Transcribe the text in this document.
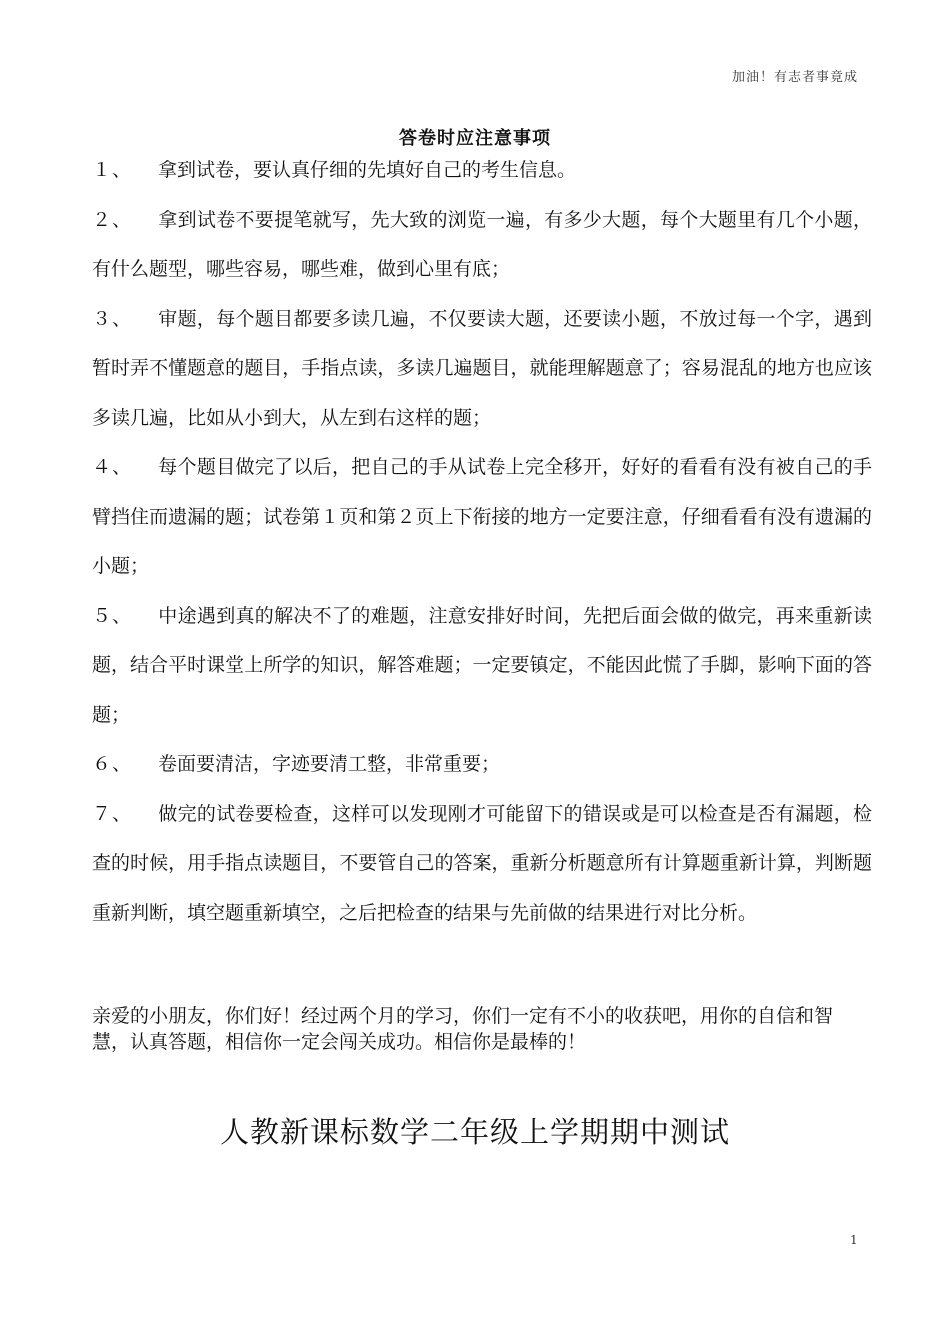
加油！有志者事竟成
答卷时应注意事项

１、 拿到试卷，要认真仔细的先填好自己的考生信息。

２、 拿到试卷不要提笔就写，先大致的浏览一遍，有多少大题，每个大题里有几个小题，有什么题型，哪些容易，哪些难，做到心里有底；

３、 审题，每个题目都要多读几遍，不仅要读大题，还要读小题，不放过每一个字，遇到暂时弄不懂题意的题目，手指点读，多读几遍题目，就能理解题意了；容易混乱的地方也应该多读几遍，比如从小到大，从左到右这样的题；

４、 每个题目做完了以后，把自己的手从试卷上完全移开，好好的看看有没有被自己的手臂挡住而遗漏的题；试卷第１页和第２页上下衔接的地方一定要注意，仔细看看有没有遗漏的小题；

５、 中途遇到真的解决不了的难题，注意安排好时间，先把后面会做的做完，再来重新读题，结合平时课堂上所学的知识，解答难题；一定要镇定，不能因此慌了手脚，影响下面的答题；

６、 卷面要清洁，字迹要清工整，非常重要；

７、 做完的试卷要检查，这样可以发现刚才可能留下的错误或是可以检查是否有漏题，检查的时候，用手指点读题目，不要管自己的答案，重新分析题意所有计算题重新计算，判断题重新判断，填空题重新填空，之后把检查的结果与先前做的结果进行对比分析。

亲爱的小朋友，你们好！经过两个月的学习，你们一定有不小的收获吧，用你的自信和智慧，认真答题，相信你一定会闯关成功。相信你是最棒的！

人教新课标数学二年级上学期期中测试
1
